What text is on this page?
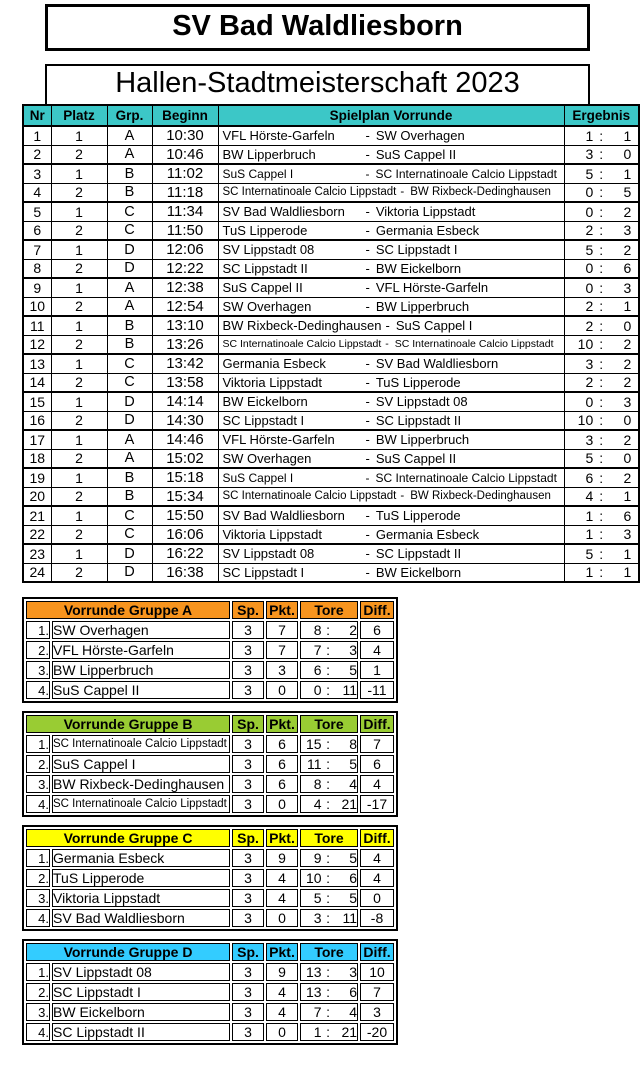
SV Bad Waldliesborn
Hallen-Stadtmeisterschaft 2023
Nr	Platz	Grp.	Beginn	Spielplan Vorrunde	Ergebnis
1	1	A	10:30	VFL Hörste-Garfeln - SW Overhagen	1 : 1

2	2	A	10:46	BW Lipperbruch - SuS Cappel II	3 : 0

3	1	B	11:02	SuS Cappel I - SC Internatinoale Calcio Lippstadt	5 : 1

4	2	B	11:18	SC Internatinoale Calcio Lippstadt - BW Rixbeck-Dedinghausen	0 : 5

5	1	C	11:34	SV Bad Waldliesborn - Viktoria Lippstadt	0 : 2

6	2	C	11:50	TuS Lipperode - Germania Esbeck	2 : 3

7	1	D	12:06	SV Lippstadt 08 - SC Lippstadt I	5 : 2

8	2	D	12:22	SC Lippstadt II - BW Eickelborn	0 : 6

9	1	A	12:38	SuS Cappel II - VFL Hörste-Garfeln	0 : 3

10	2	A	12:54	SW Overhagen - BW Lipperbruch	2 : 1

11	1	B	13:10	BW Rixbeck-Dedinghausen - SuS Cappel I	2 : 0

12	2	B	13:26	SC Internatinoale Calcio Lippstadt - SC Internatinoale Calcio Lippstadt	10 : 2

13	1	C	13:42	Germania Esbeck - SV Bad Waldliesborn	3 : 2

14	2	C	13:58	Viktoria Lippstadt - TuS Lipperode	2 : 2

15	1	D	14:14	BW Eickelborn - SV Lippstadt 08	0 : 3

16	2	D	14:30	SC Lippstadt I - SC Lippstadt II	10 : 0

17	1	A	14:46	VFL Hörste-Garfeln - BW Lipperbruch	3 : 2

18	2	A	15:02	SW Overhagen - SuS Cappel II	5 : 0

19	1	B	15:18	SuS Cappel I - SC Internatinoale Calcio Lippstadt	6 : 2

20	2	B	15:34	SC Internatinoale Calcio Lippstadt - BW Rixbeck-Dedinghausen	4 : 1

21	1	C	15:50	SV Bad Waldliesborn - TuS Lipperode	1 : 6

22	2	C	16:06	Viktoria Lippstadt - Germania Esbeck	1 : 3

23	1	D	16:22	SV Lippstadt 08 - SC Lippstadt II	5 : 1

24	2	D	16:38	SC Lippstadt I - BW Eickelborn	1 : 1
Vorrunde Gruppe A		Sp.	Pkt.	Tore	Diff.
1.	SW Overhagen	3	7	8 : 2	6
2.	VFL Hörste-Garfeln	3	7	7 : 3	4
3.	BW Lipperbruch	3	3	6 : 5	1
4.	SuS Cappel II	3	0	0 : 11	-11
Vorrunde Gruppe B		Sp.	Pkt.	Tore	Diff.
1.	SC Internatinoale Calcio Lippstadt	3	6	15 : 8	7
2.	SuS Cappel I	3	6	11 : 5	6
3.	BW Rixbeck-Dedinghausen	3	6	8 : 4	4
4.	SC Internatinoale Calcio Lippstadt	3	0	4 : 21	-17
Vorrunde Gruppe C		Sp.	Pkt.	Tore	Diff.
1.	Germania Esbeck	3	9	9 : 5	4
2.	TuS Lipperode	3	4	10 : 6	4
3.	Viktoria Lippstadt	3	4	5 : 5	0
4.	SV Bad Waldliesborn	3	0	3 : 11	-8
Vorrunde Gruppe D		Sp.	Pkt.	Tore	Diff.
1.	SV Lippstadt 08	3	9	13 : 3	10
2.	SC Lippstadt I	3	4	13 : 6	7
3.	BW Eickelborn	3	4	7 : 4	3
4.	SC Lippstadt II	3	0	1 : 21	-20
